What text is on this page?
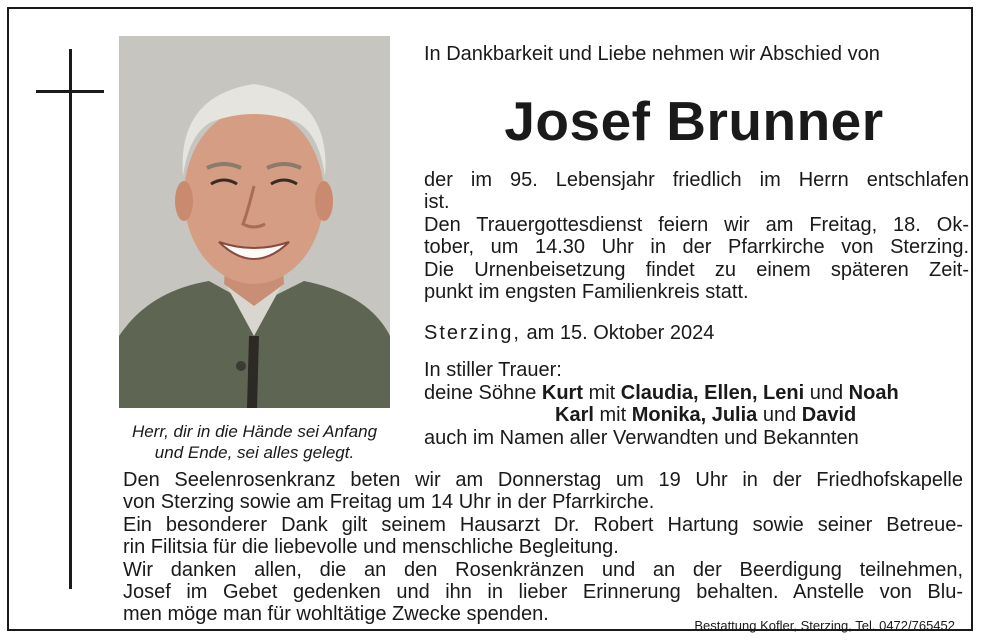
Herr, dir in die Hände sei Anfang
und Ende, sei alles gelegt.
In Dankbarkeit und Liebe nehmen wir Abschied von
Josef Brunner
der im 95. Lebensjahr friedlich im Herrn entschlafen
ist.
Den Trauergottesdienst feiern wir am Freitag, 18. Ok-
tober, um 14.30 Uhr in der Pfarrkirche von Sterzing.
Die Urnenbeisetzung findet zu einem späteren Zeit-
punkt im engsten Familienkreis statt.
Sterzing, am 15. Oktober 2024
In stiller Trauer:
deine Söhne Kurt mit Claudia, Ellen, Leni und Noah
Karl mit Monika, Julia und David
auch im Namen aller Verwandten und Bekannten
Den Seelenrosenkranz beten wir am Donnerstag um 19 Uhr in der Friedhofskapelle
von Sterzing sowie am Freitag um 14 Uhr in der Pfarrkirche.
Ein besonderer Dank gilt seinem Hausarzt Dr. Robert Hartung sowie seiner Betreue-
rin Filitsia für die liebevolle und menschliche Begleitung.
Wir danken allen, die an den Rosenkränzen und an der Beerdigung teilnehmen,
Josef im Gebet gedenken und ihn in lieber Erinnerung behalten. Anstelle von Blu-
men möge man für wohltätige Zwecke spenden.
Bestattung Kofler, Sterzing, Tel. 0472/765452
